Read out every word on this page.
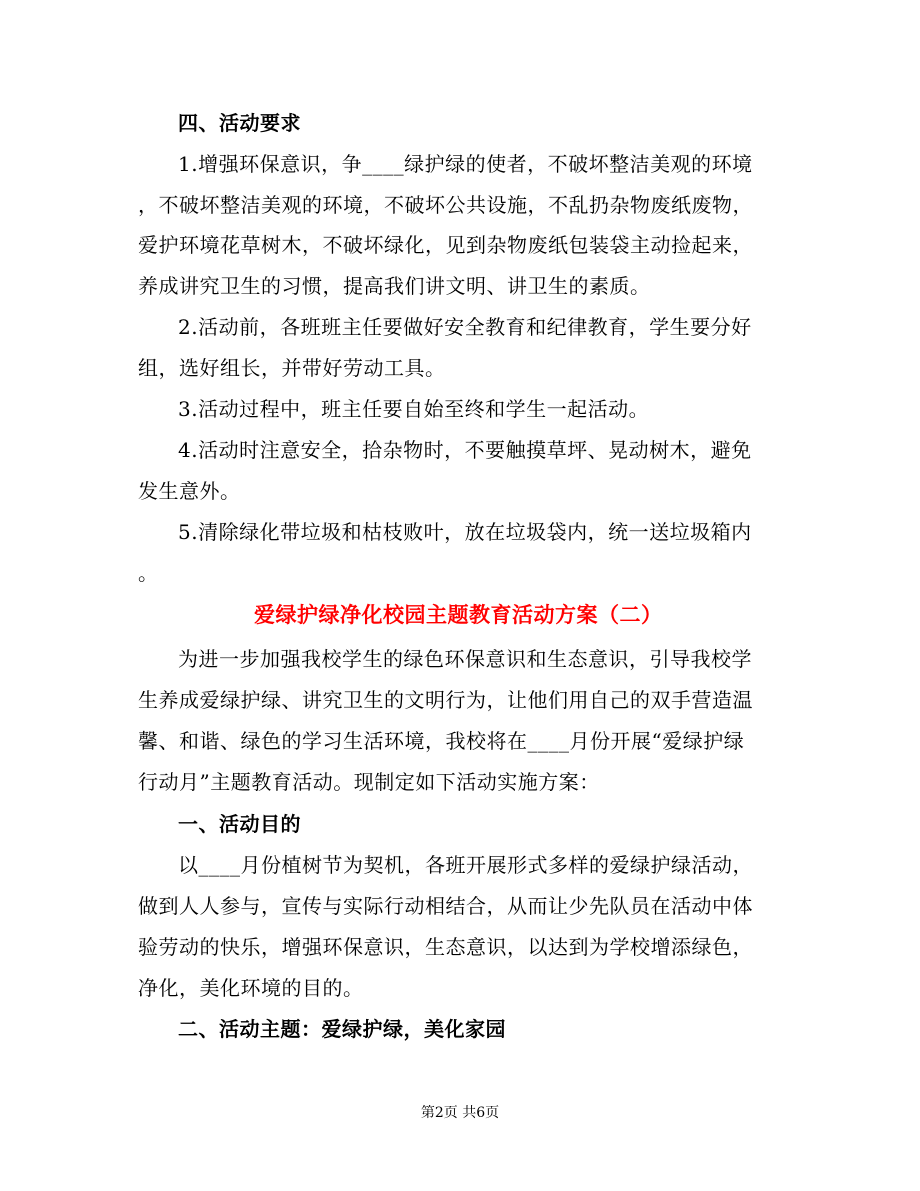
四、活动要求
1.增强环保意识，争____绿护绿的使者，不破坏整洁美观的环境
，不破坏整洁美观的环境，不破坏公共设施，不乱扔杂物废纸废物，
爱护环境花草树木，不破坏绿化，见到杂物废纸包装袋主动捡起来，
养成讲究卫生的习惯，提高我们讲文明、讲卫生的素质。
2.活动前，各班班主任要做好安全教育和纪律教育，学生要分好
组，选好组长，并带好劳动工具。
3.活动过程中，班主任要自始至终和学生一起活动。
4.活动时注意安全，拾杂物时，不要触摸草坪、晃动树木，避免
发生意外。
5.清除绿化带垃圾和枯枝败叶，放在垃圾袋内，统一送垃圾箱内
。
爱绿护绿净化校园主题教育活动方案（二）
为进一步加强我校学生的绿色环保意识和生态意识，引导我校学
生养成爱绿护绿、讲究卫生的文明行为，让他们用自己的双手营造温
馨、和谐、绿色的学习生活环境，我校将在____月份开展“爱绿护绿
行动月”主题教育活动。现制定如下活动实施方案：
一、活动目的
以____月份植树节为契机，各班开展形式多样的爱绿护绿活动，
做到人人参与，宣传与实际行动相结合，从而让少先队员在活动中体
验劳动的快乐，增强环保意识，生态意识，以达到为学校增添绿色，
净化，美化环境的目的。
二、活动主题：爱绿护绿，美化家园
第2页 共6页
